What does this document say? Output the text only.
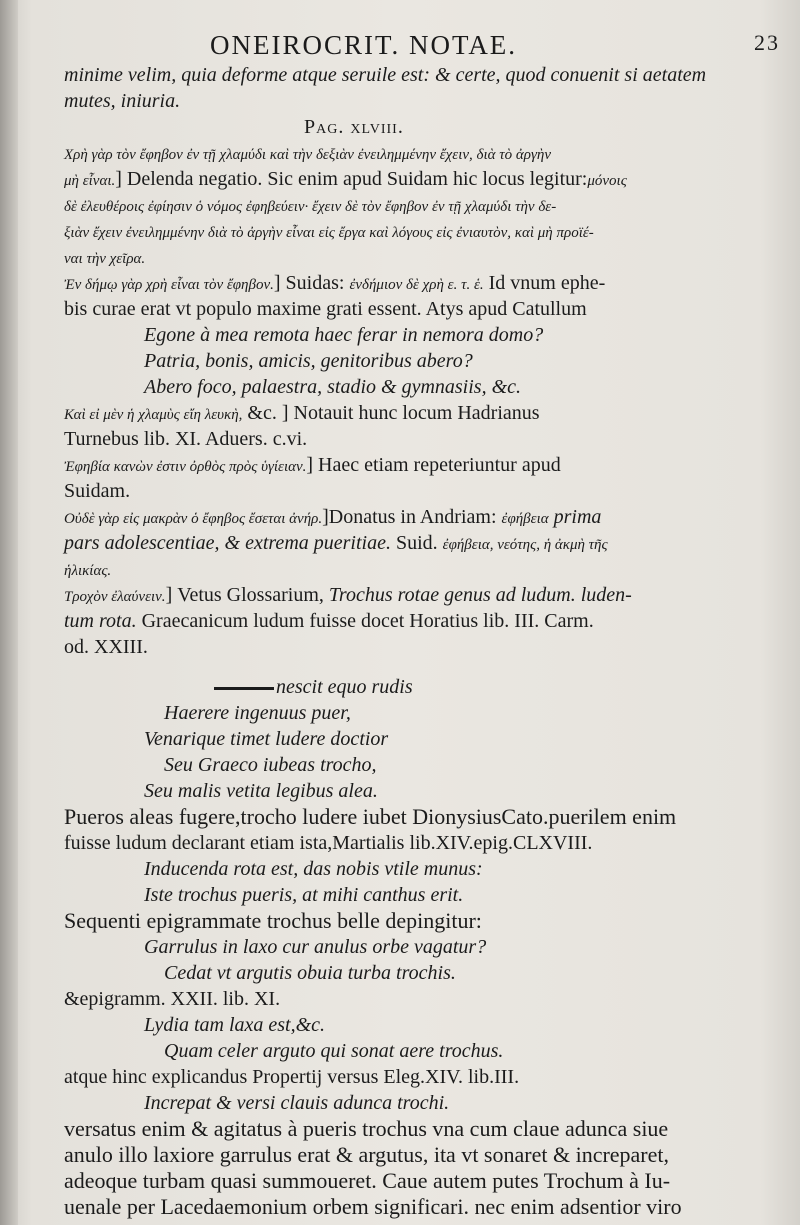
ONEIROCRIT. NOTAE.	23
minime velim, quia deforme atque seruile est: & certe, quod conuenit si aetatem
mutes, iniuria.
Pag. xlviii.
Χρὴ γὰρ τὸν ἔφηβον ἐν τῇ χλαμύδι καὶ τὴν δεξιὰν ἐνειλημμένην ἔχειν, διὰ τὸ ἀργὴν
μὴ εἶναι.] Delenda negatio. Sic enim apud Suidam hic locus legitur:μόνοις
δὲ ἐλευθέροις ἐφίησιν ὁ νόμος ἐφηβεύειν· ἔχειν δὲ τὸν ἔφηβον ἐν τῇ χλαμύδι τὴν δε-
ξιὰν ἔχειν ἐνειλημμένην διὰ τὸ ἀργὴν εἶναι εἰς ἔργα καὶ λόγους εἰς ἐνιαυτὸν, καὶ μὴ προϊέ-
ναι τὴν χεῖρα.
Ἐν δήμῳ γὰρ χρὴ εἶναι τὸν ἔφηβον.] Suidas: ἐνδήμιον δὲ χρὴ ε. τ. ἑ. Id vnum ephe-
bis curae erat vt populo maxime grati essent. Atys apud Catullum
Egone à mea remota haec ferar in nemora domo?
Patria, bonis, amicis, genitoribus abero?
Abero foco, palaestra, stadio & gymnasiis, &c.
Καὶ εἰ μὲν ἡ χλαμὺς εἴη λευκὴ, &c. ] Notauit hunc locum Hadrianus
Turnebus lib. XI. Aduers. c.vi.
Ἐφηβία κανὼν ἐστιν ὀρθὸς πρὸς ὑγίειαν.] Haec etiam repeteriuntur apud
Suidam.
Οὐδὲ γὰρ εἰς μακρὰν ὁ ἔφηβος ἔσεται ἀνήρ.]Donatus in Andriam: ἐφήβεια prima
pars adolescentiae, & extrema pueritiae. Suid. ἐφήβεια, νεότης, ἡ ἀκμὴ τῆς
ἡλικίας.
Τροχὸν ἐλαύνειν.] Vetus Glossarium, Trochus rotae genus ad ludum. luden-
tum rota. Graecanicum ludum fuisse docet Horatius lib. III. Carm.
od. XXIII.
nescit equo rudis
Haerere ingenuus puer,
Venarique timet ludere doctior
Seu Graeco iubeas trocho,
Seu malis vetita legibus alea.
Pueros aleas fugere,trocho ludere iubet DionysiusCato.puerilem enim
fuisse ludum declarant etiam ista,Martialis lib.XIV.epig.CLXVIII.
Inducenda rota est, das nobis vtile munus:
Iste trochus pueris, at mihi canthus erit.
Sequenti epigrammate trochus belle depingitur:
Garrulus in laxo cur anulus orbe vagatur?
Cedat vt argutis obuia turba trochis.
&epigramm. XXII. lib. XI.
Lydia tam laxa est,&c.
Quam celer arguto qui sonat aere trochus.
atque hinc explicandus Propertij versus Eleg.XIV. lib.III.
Increpat & versi clauis adunca trochi.
versatus enim & agitatus à pueris trochus vna cum claue adunca siue
anulo illo laxiore garrulus erat & argutus, ita vt sonaret & increparet,
adeoque turbam quasi summoueret. Caue autem putes Trochum à Iu-
uenale per Lacedaemonium orbem significari. nec enim adsentior viro
